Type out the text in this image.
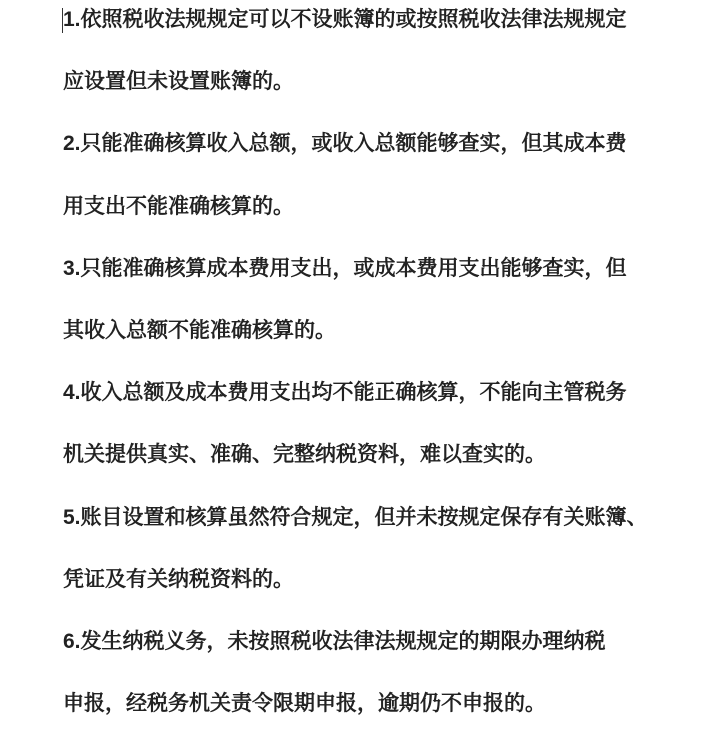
1.依照税收法规规定可以不设账簿的或按照税收法律法规规定
应设置但未设置账簿的。
2.只能准确核算收入总额，或收入总额能够查实，但其成本费
用支出不能准确核算的。
3.只能准确核算成本费用支出，或成本费用支出能够查实，但
其收入总额不能准确核算的。
4.收入总额及成本费用支出均不能正确核算，不能向主管税务
机关提供真实、准确、完整纳税资料，难以查实的。
5.账目设置和核算虽然符合规定，但并未按规定保存有关账簿、
凭证及有关纳税资料的。
6.发生纳税义务，未按照税收法律法规规定的期限办理纳税
申报，经税务机关责令限期申报，逾期仍不申报的。
